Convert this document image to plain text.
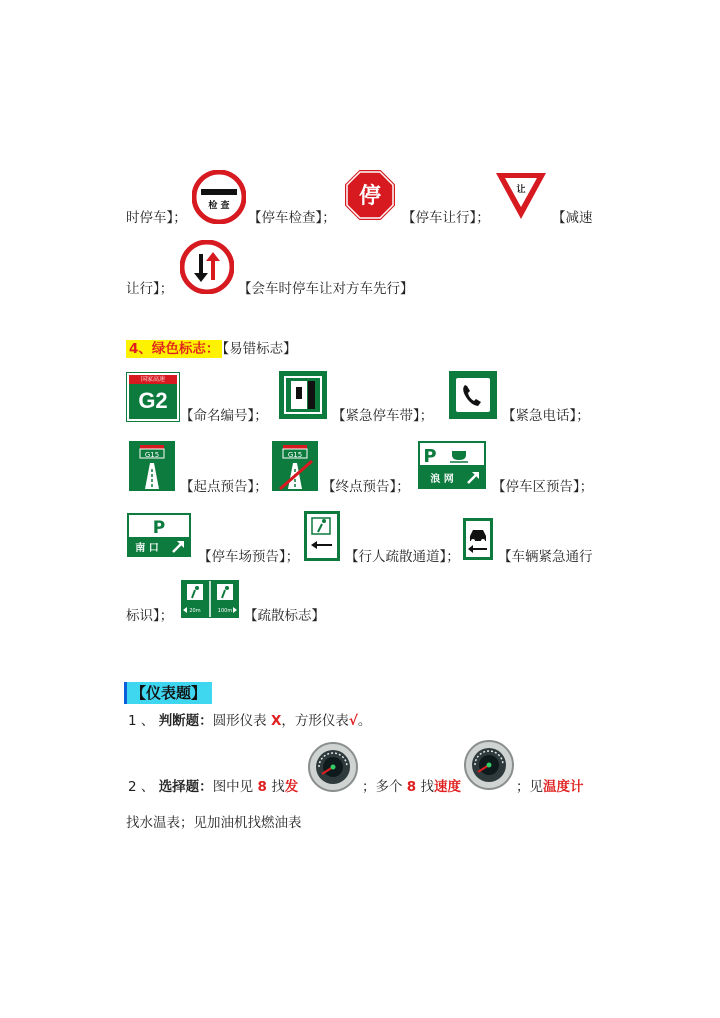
时停车】；
检 查
【停车检查】；
停
【停车让行】；
让
【减速
让行】；	【会车时停车让对方车先行】
4、绿色标志： 【易错标志】
国家高速
G2
【命名编号】；	【紧急停车带】；	【紧急电话】；
G15
【起点预告】；
G15
【终点预告】；
P
浪 网	【停车区预告】；
P
南 口
【停车场预告】；	【行人疏散通道】；	【车辆紧急通行
标识】；	20m	100m 【疏散标志】
【仪表题】
1 、 判断题：圆形仪表 X，方形仪表√。
2 、 选择题：图中见 8 找发	；多个 8 找速度	；见温度计
找水温表；见加油机找燃油表
